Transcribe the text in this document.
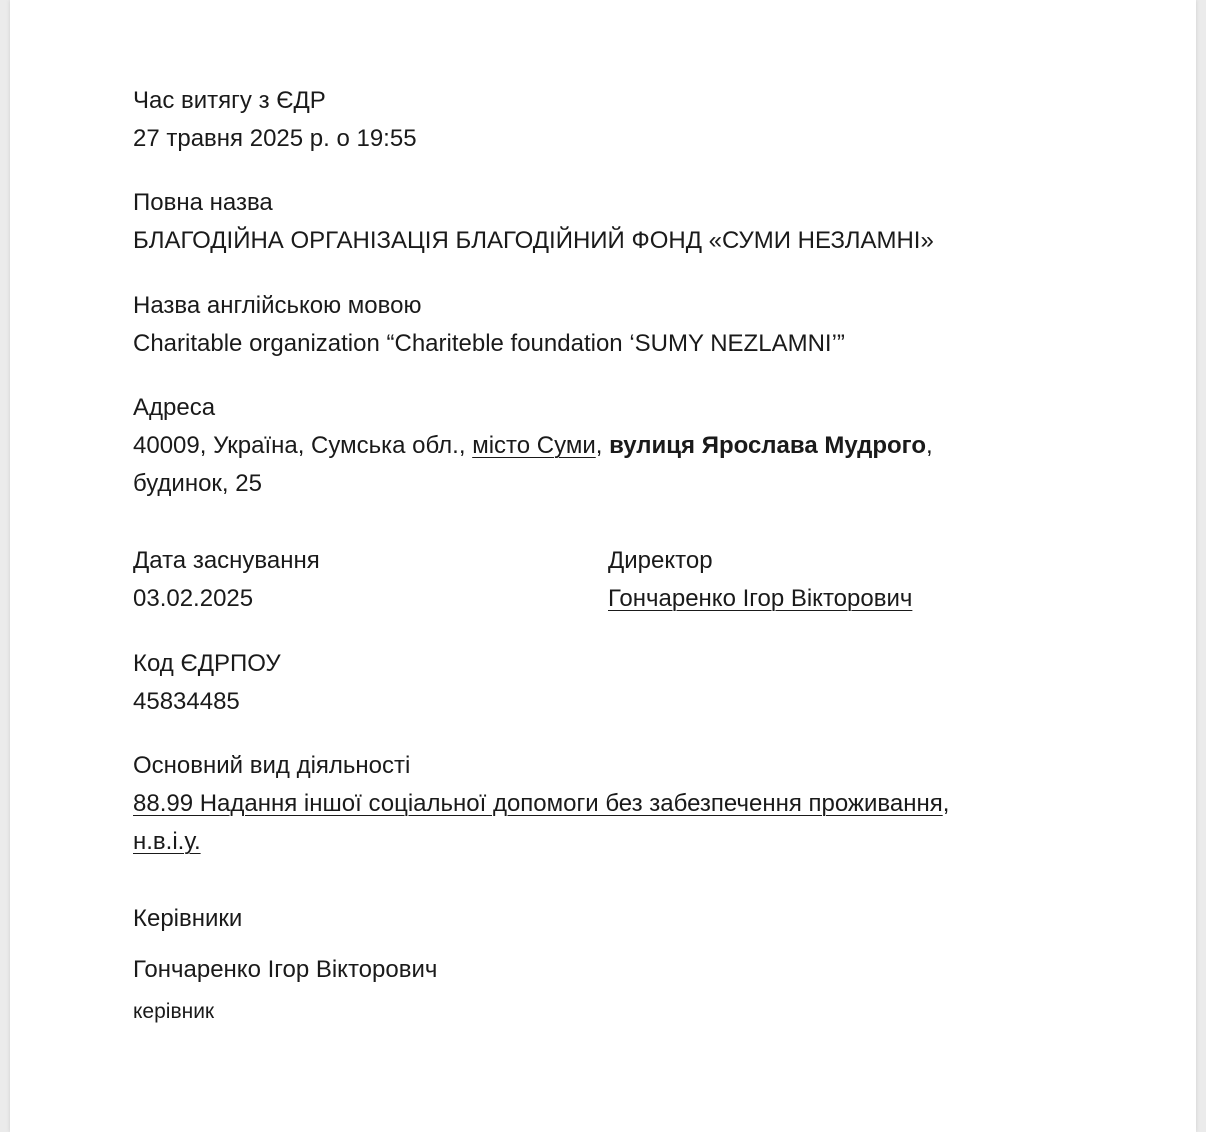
Час витягу з ЄДР
27 травня 2025 р. о 19:55
Повна назва
БЛАГОДІЙНА ОРГАНІЗАЦІЯ БЛАГОДІЙНИЙ ФОНД «СУМИ НЕЗЛАМНІ»
Назва англійською мовою
Charitable organization “Chariteble foundation ‘SUMY NEZLAMNI’”
Адреса
40009, Україна, Сумська обл., місто Суми, вулиця Ярослава Мудрого,
будинок, 25
Дата заснування
03.02.2025
Директор
Гончаренко Ігор Вікторович
Код ЄДРПОУ
45834485
Основний вид діяльності
88.99 Надання іншої соціальної допомоги без забезпечення проживання,
н.в.і.у.
Керівники
Гончаренко Ігор Вікторович
керівник
